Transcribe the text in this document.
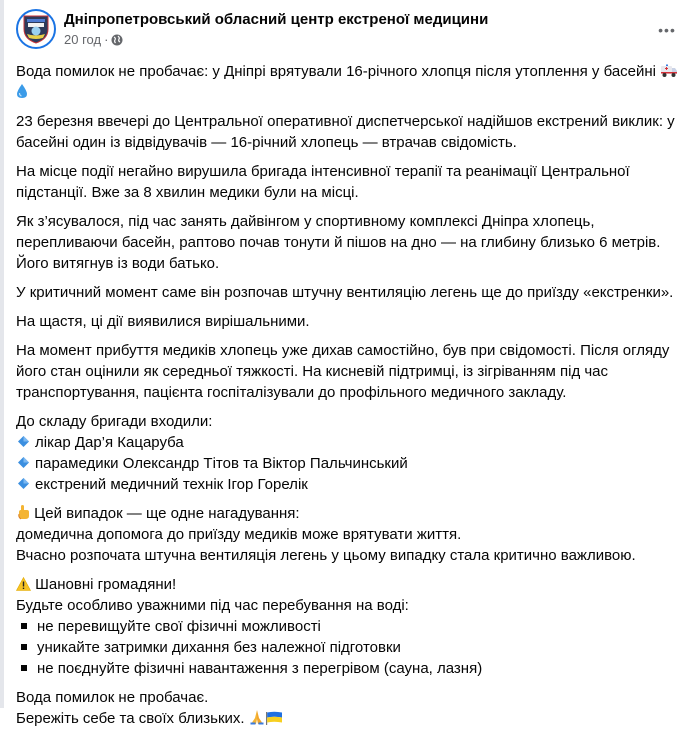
Дніпропетровський обласний центр екстреної медицини
20 год ·
•••

Вода помилок не пробачає: у Дніпрі врятували 16-річного хлопця після утоплення у басейні

23 березня ввечері до Центральної оперативної диспетчерської надійшов екстрений виклик: у басейні один із відвідувачів — 16-річний хлопець — втрачав свідомість.

На місце події негайно вирушила бригада інтенсивної терапії та реанімації Центральної підстанції. Вже за 8 хвилин медики були на місці.

Як з’ясувалося, під час занять дайвінгом у спортивному комплексі Дніпра хлопець, перепливаючи басейн, раптово почав тонути й пішов на дно — на глибину близько 6 метрів. Його витягнув із води батько.

У критичний момент саме він розпочав штучну вентиляцію легень ще до приїзду «екстренки».

На щастя, ці дії виявилися вирішальними.

На момент прибуття медиків хлопець уже дихав самостійно, був при свідомості. Після огляду його стан оцінили як середньої тяжкості. На кисневій підтримці, із зігріванням під час транспортування, пацієнта госпіталізували до профільного медичного закладу.

До складу бригади входили:
лікар Дар’я Кацаруба
парамедики Олександр Тітов та Віктор Пальчинський
екстрений медичний технік Ігор Горелік

Цей випадок — ще одне нагадування:
домедична допомога до приїзду медиків може врятувати життя.
Вчасно розпочата штучна вентиляція легень у цьому випадку стала критично важливою.

Шановні громадяни!
Будьте особливо уважними під час перебування на воді:
не перевищуйте свої фізичні можливості
уникайте затримки дихання без належної підготовки
не поєднуйте фізичні навантаження з перегрівом (сауна, лазня)

Вода помилок не пробачає.
Бережіть себе та своїх близьких.
